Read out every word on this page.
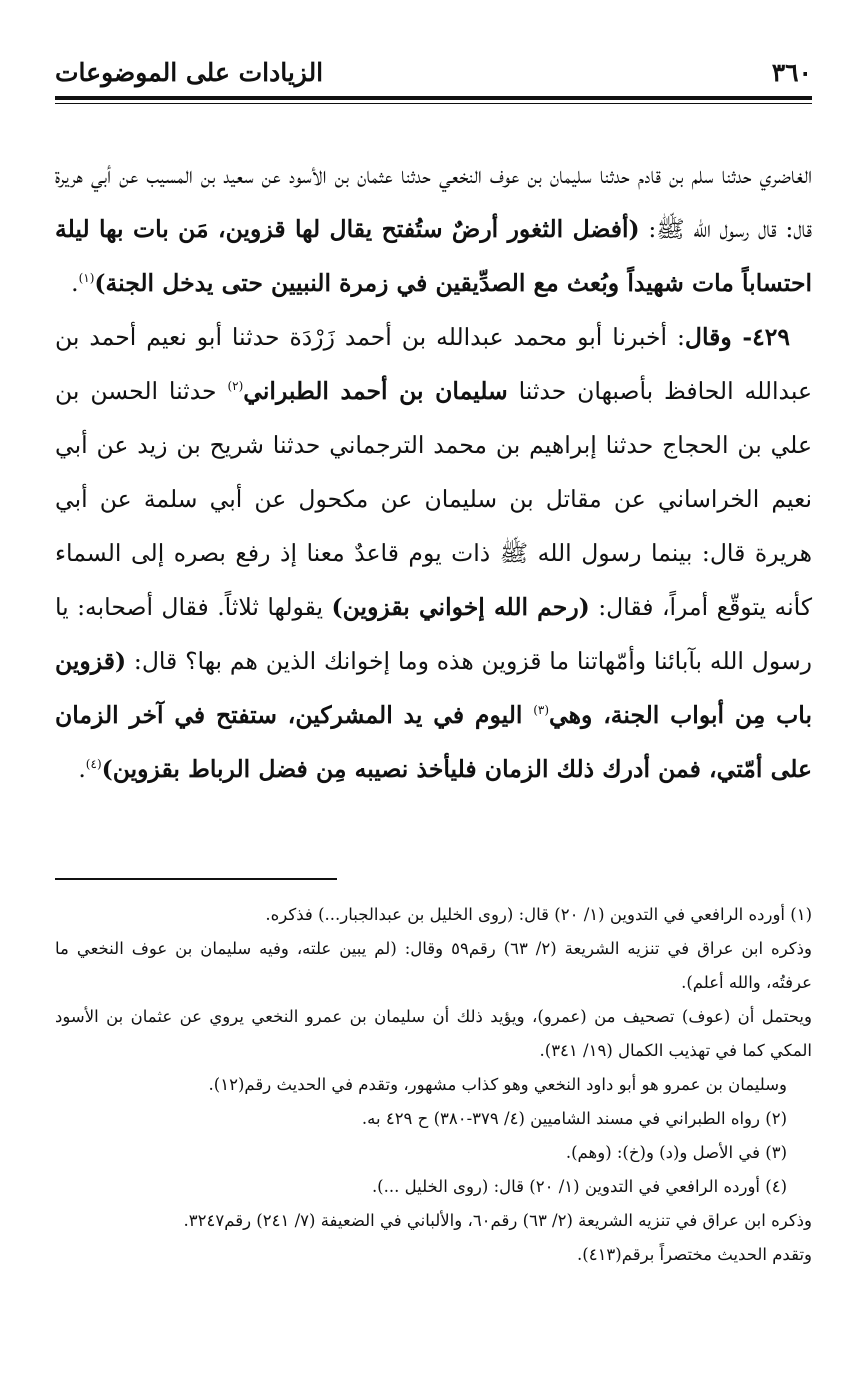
٣٦٠
الزيادات على الموضوعات

الغاضري حدثنا سلم بن قادم حدثنا سليمان بن عوف النخعي حدثنا عثمان بن الأسود عن سعيد بن المسيب عن أبي هريرة قال: قال رسول الله ﷺ: (أفضل الثغور أرضٌ ستُفتح يقال لها قزوين، مَن بات بها ليلة احتساباً مات شهيداً وبُعث مع الصدِّيقين في زمرة النبيين حتى يدخل الجنة)$^{(١)}$.

٤٢٩- وقال: أخبرنا أبو محمد عبدالله بن أحمد زَرْدَة حدثنا أبو نعيم أحمد بن عبدالله الحافظ بأصبهان حدثنا سليمان بن أحمد الطبراني$^{(٢)}$ حدثنا الحسن بن علي بن الحجاج حدثنا إبراهيم بن محمد الترجماني حدثنا شريح بن زيد عن أبي نعيم الخراساني عن مقاتل بن سليمان عن مكحول عن أبي سلمة عن أبي هريرة قال: بينما رسول الله ﷺ ذات يوم قاعدٌ معنا إذ رفع بصره إلى السماء كأنه يتوقّع أمراً، فقال: (رحم الله إخواني بقزوين) يقولها ثلاثاً. فقال أصحابه: يا رسول الله بآبائنا وأمّهاتنا ما قزوين هذه وما إخوانك الذين هم بها؟ قال: (قزوين باب مِن أبواب الجنة، وهي$^{(٣)}$ اليوم في يد المشركين، ستفتح في آخر الزمان على أمّتي، فمن أدرك ذلك الزمان فليأخذ نصيبه مِن فضل الرباط بقزوين)$^{(٤)}$.

(١) أورده الرافعي في التدوين (١/ ٢٠) قال: (روى الخليل بن عبدالجبار...) فذكره.

وذكره ابن عراق في تنزيه الشريعة (٢/ ٦٣) رقم٥٩ وقال: (لم يبين علته، وفيه سليمان بن عوف النخعي ما عرفتُه، والله أعلم).

ويحتمل أن (عوف) تصحيف من (عمرو)، ويؤيد ذلك أن سليمان بن عمرو النخعي يروي عن عثمان بن الأسود المكي كما في تهذيب الكمال (١٩/ ٣٤١).

وسليمان بن عمرو هو أبو داود النخعي وهو كذاب مشهور، وتقدم في الحديث رقم(١٢).

(٢) رواه الطبراني في مسند الشاميين (٤/ ٣٧٩-٣٨٠) ح ٤٢٩ به.

(٣) في الأصل و(د) و(خ): (وهم).

(٤) أورده الرافعي في التدوين (١/ ٢٠) قال: (روى الخليل ...).

وذكره ابن عراق في تنزيه الشريعة (٢/ ٦٣) رقم٦٠، والألباني في الضعيفة (٧/ ٢٤١) رقم٣٢٤٧.

وتقدم الحديث مختصراً برقم(٤١٣).
